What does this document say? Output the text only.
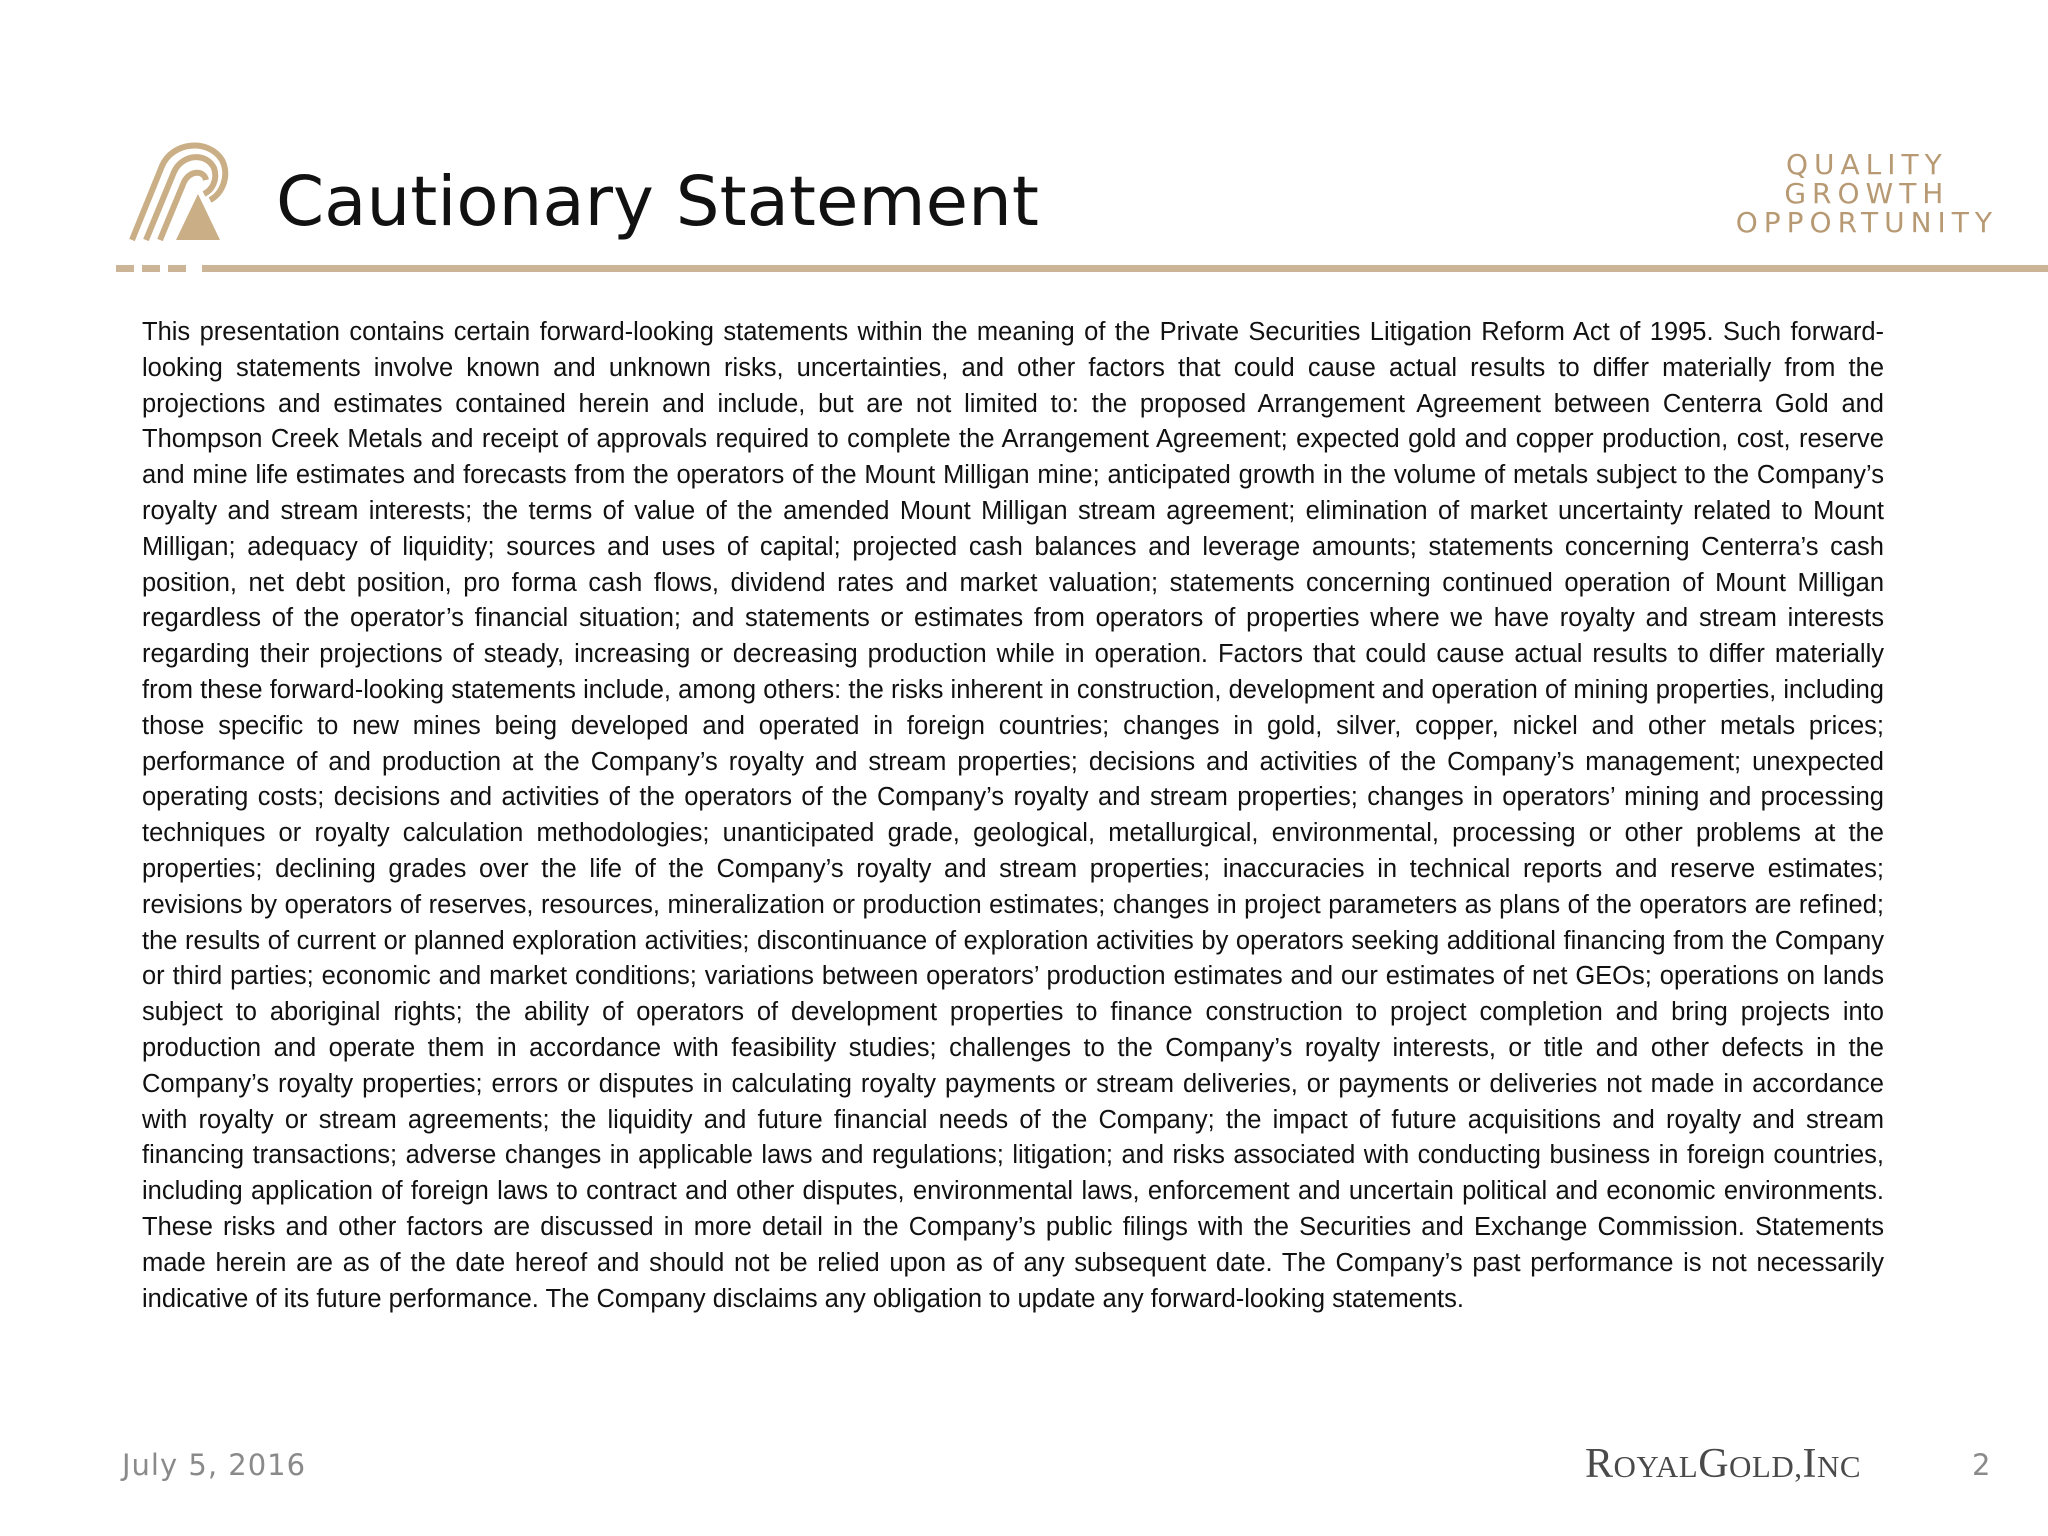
Cautionary Statement	QUALITY
GROWTH
OPPORTUNITY

This presentation contains certain forward-looking statements within the meaning of the Private Securities Litigation Reform Act of 1995. Such forward-looking statements involve known and unknown risks, uncertainties, and other factors that could cause actual results to differ materially from the projections and estimates contained herein and include, but are not limited to: the proposed Arrangement Agreement between Centerra Gold and Thompson Creek Metals and receipt of approvals required to complete the Arrangement Agreement; expected gold and copper production, cost, reserve and mine life estimates and forecasts from the operators of the Mount Milligan mine; anticipated growth in the volume of metals subject to the Company’s royalty and stream interests; the terms of value of the amended Mount Milligan stream agreement; elimination of market uncertainty related to Mount Milligan; adequacy of liquidity; sources and uses of capital; projected cash balances and leverage amounts; statements concerning Centerra’s cash position, net debt position, pro forma cash flows, dividend rates and market valuation; statements concerning continued operation of Mount Milligan regardless of the operator’s financial situation; and statements or estimates from operators of properties where we have royalty and stream interests regarding their projections of steady, increasing or decreasing production while in operation. Factors that could cause actual results to differ materially from these forward-looking statements include, among others: the risks inherent in construction, development and operation of mining properties, including those specific to new mines being developed and operated in foreign countries; changes in gold, silver, copper, nickel and other metals prices; performance of and production at the Company’s royalty and stream properties; decisions and activities of the Company’s management; unexpected operating costs; decisions and activities of the operators of the Company’s royalty and stream properties; changes in operators’ mining and processing techniques or royalty calculation methodologies; unanticipated grade, geological, metallurgical, environmental, processing or other problems at the properties; declining grades over the life of the Company’s royalty and stream properties; inaccuracies in technical reports and reserve estimates; revisions by operators of reserves, resources, mineralization or production estimates; changes in project parameters as plans of the operators are refined; the results of current or planned exploration activities; discontinuance of exploration activities by operators seeking additional financing from the Company or third parties; economic and market conditions; variations between operators’ production estimates and our estimates of net GEOs; operations on lands subject to aboriginal rights; the ability of operators of development properties to finance construction to project completion and bring projects into production and operate them in accordance with feasibility studies; challenges to the Company’s royalty interests, or title and other defects in the Company’s royalty properties; errors or disputes in calculating royalty payments or stream deliveries, or payments or deliveries not made in accordance with royalty or stream agreements; the liquidity and future financial needs of the Company; the impact of future acquisitions and royalty and stream financing transactions; adverse changes in applicable laws and regulations; litigation; and risks associated with conducting business in foreign countries, including application of foreign laws to contract and other disputes, environmental laws, enforcement and uncertain political and economic environments. These risks and other factors are discussed in more detail in the Company’s public filings with the Securities and Exchange Commission. Statements made herein are as of the date hereof and should not be relied upon as of any subsequent date. The Company’s past performance is not necessarily indicative of its future performance. The Company disclaims any obligation to update any forward-looking statements.

July 5, 2016	ROYALGOLD,INC	2
